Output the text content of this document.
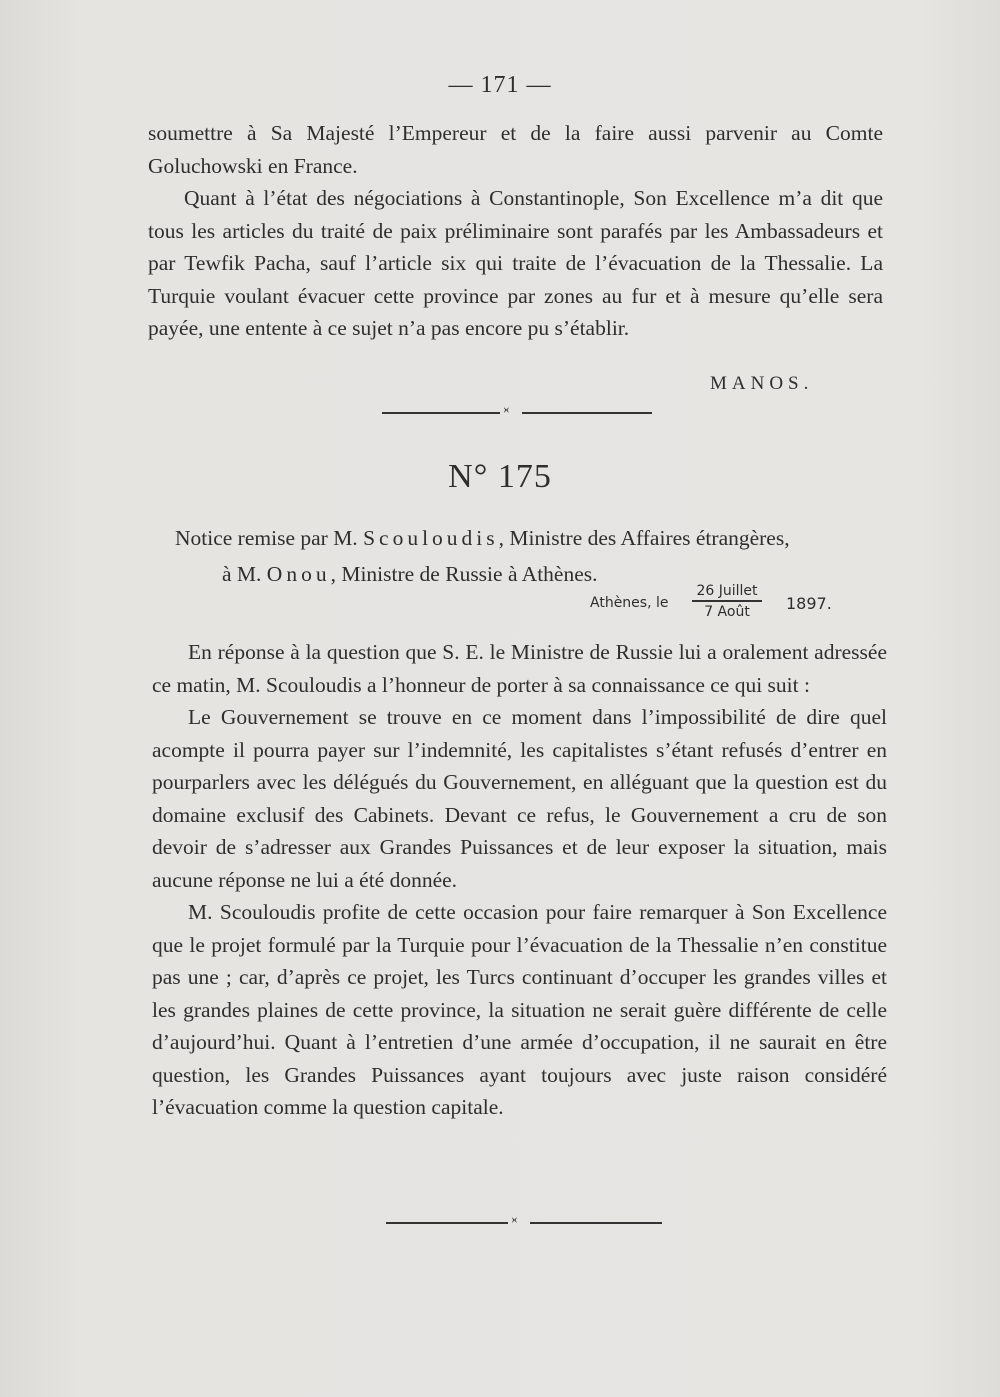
— 171 —

soumettre à Sa Majesté l’Empereur et de la faire aussi parvenir au Comte Goluchowski en France.

Quant à l’état des négociations à Constantinople, Son Excellence m’a dit que tous les articles du traité de paix préliminaire sont parafés par les Ambassadeurs et par Tewfik Pacha, sauf l’article six qui traite de l’évacuation de la Thessalie. La Turquie voulant évacuer cette province par zones au fur et à mesure qu’elle sera payée, une entente à ce sujet n’a pas encore pu s’établir.

MANOS.
›‹
N° 175
Notice remise par M. Scouloudis, Ministre des Affaires étrangères,
à M. Onou, Ministre de Russie à Athènes.
Athènes, le
26 Juillet
7 Août	1897.

En réponse à la question que S. E. le Ministre de Russie lui a oralement adressée ce matin, M. Scouloudis a l’honneur de porter à sa connaissance ce qui suit :

Le Gouvernement se trouve en ce moment dans l’impossibilité de dire quel acompte il pourra payer sur l’indemnité, les capitalistes s’étant refusés d’entrer en pourparlers avec les délégués du Gouvernement, en alléguant que la question est du domaine exclusif des Cabinets. Devant ce refus, le Gouvernement a cru de son devoir de s’adresser aux Grandes Puissances et de leur exposer la situation, mais aucune réponse ne lui a été donnée.

M. Scouloudis profite de cette occasion pour faire remarquer à Son Excellence que le projet formulé par la Turquie pour l’évacuation de la Thessalie n’en constitue pas une ; car, d’après ce projet, les Turcs continuant d’occuper les grandes villes et les grandes plaines de cette province, la situation ne serait guère différente de celle d’aujourd’hui. Quant à l’entretien d’une armée d’occupation, il ne saurait en être question, les Grandes Puissances ayant toujours avec juste raison considéré l’évacuation comme la question capitale.

›‹
